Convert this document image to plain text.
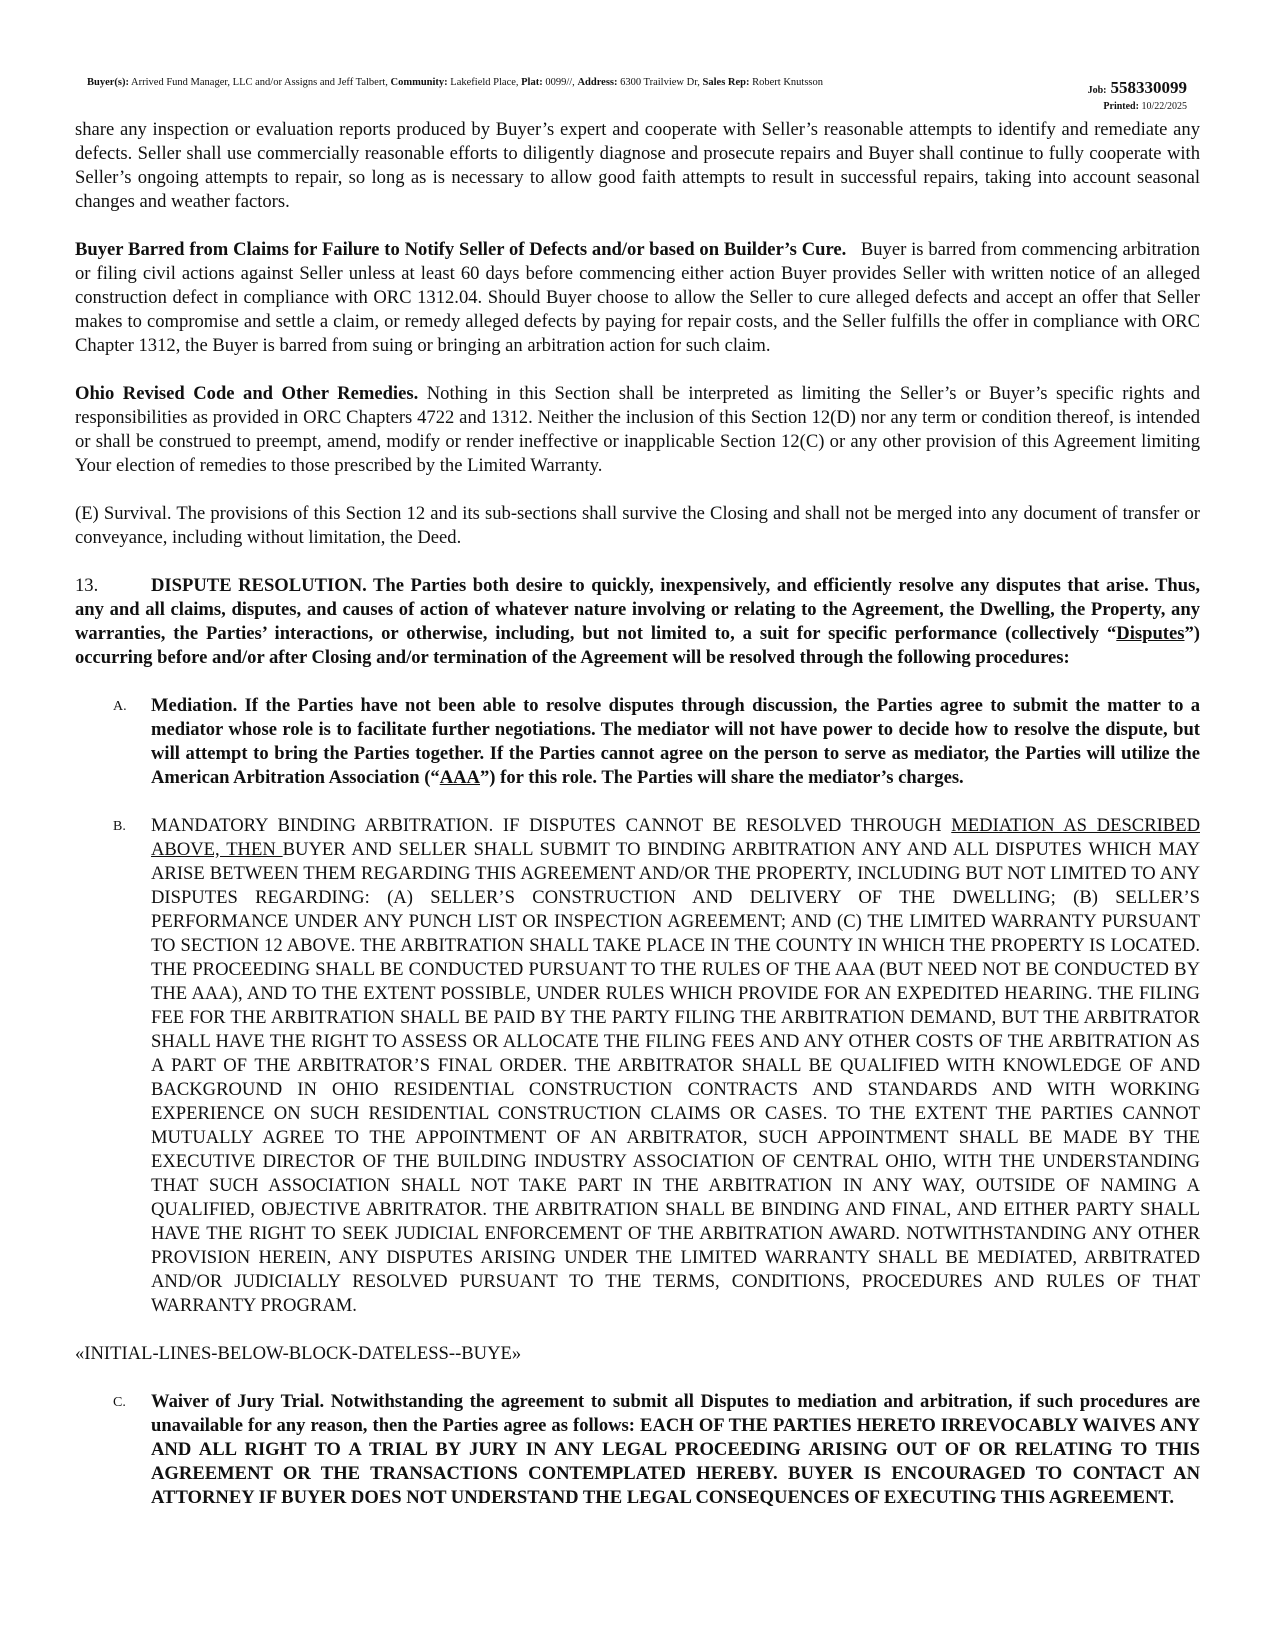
Buyer(s): Arrived Fund Manager, LLC and/or Assigns and Jeff Talbert, Community: Lakefield Place, Plat: 0099//, Address: 6300 Trailview Dr, Sales Rep: Robert Knutsson
Job: 558330099
Printed: 10/22/2025

share any inspection or evaluation reports produced by Buyer’s expert and cooperate with Seller’s reasonable attempts to identify and remediate any defects. Seller shall use commercially reasonable efforts to diligently diagnose and prosecute repairs and Buyer shall continue to fully cooperate with Seller’s ongoing attempts to repair, so long as is necessary to allow good faith attempts to result in successful repairs, taking into account seasonal changes and weather factors.

Buyer Barred from Claims for Failure to Notify Seller of Defects and/or based on Builder’s Cure. Buyer is barred from commencing arbitration or filing civil actions against Seller unless at least 60 days before commencing either action Buyer provides Seller with written notice of an alleged construction defect in compliance with ORC 1312.04. Should Buyer choose to allow the Seller to cure alleged defects and accept an offer that Seller makes to compromise and settle a claim, or remedy alleged defects by paying for repair costs, and the Seller fulfills the offer in compliance with ORC Chapter 1312, the Buyer is barred from suing or bringing an arbitration action for such claim.

Ohio Revised Code and Other Remedies. Nothing in this Section shall be interpreted as limiting the Seller’s or Buyer’s specific rights and responsibilities as provided in ORC Chapters 4722 and 1312. Neither the inclusion of this Section 12(D) nor any term or condition thereof, is intended or shall be construed to preempt, amend, modify or render ineffective or inapplicable Section 12(C) or any other provision of this Agreement limiting Your election of remedies to those prescribed by the Limited Warranty.

(E) Survival. The provisions of this Section 12 and its sub-sections shall survive the Closing and shall not be merged into any document of transfer or conveyance, including without limitation, the Deed.

13.	DISPUTE RESOLUTION. The Parties both desire to quickly, inexpensively, and efficiently resolve any disputes that arise. Thus, any and all claims, disputes, and causes of action of whatever nature involving or relating to the Agreement, the Dwelling, the Property, any warranties, the Parties’ interactions, or otherwise, including, but not limited to, a suit for specific performance (collectively “Disputes”) occurring before and/or after Closing and/or termination of the Agreement will be resolved through the following procedures:

A. Mediation. If the Parties have not been able to resolve disputes through discussion, the Parties agree to submit the matter to a mediator whose role is to facilitate further negotiations. The mediator will not have power to decide how to resolve the dispute, but will attempt to bring the Parties together. If the Parties cannot agree on the person to serve as mediator, the Parties will utilize the American Arbitration Association (“AAA”) for this role. The Parties will share the mediator’s charges.
B. MANDATORY BINDING ARBITRATION. IF DISPUTES CANNOT BE RESOLVED THROUGH MEDIATION AS DESCRIBED ABOVE, THEN BUYER AND SELLER SHALL SUBMIT TO BINDING ARBITRATION ANY AND ALL DISPUTES WHICH MAY ARISE BETWEEN THEM REGARDING THIS AGREEMENT AND/OR THE PROPERTY, INCLUDING BUT NOT LIMITED TO ANY DISPUTES REGARDING: (A) SELLER’S CONSTRUCTION AND DELIVERY OF THE DWELLING; (B) SELLER’S PERFORMANCE UNDER ANY PUNCH LIST OR INSPECTION AGREEMENT; AND (C) THE LIMITED WARRANTY PURSUANT TO SECTION 12 ABOVE. THE ARBITRATION SHALL TAKE PLACE IN THE COUNTY IN WHICH THE PROPERTY IS LOCATED. THE PROCEEDING SHALL BE CONDUCTED PURSUANT TO THE RULES OF THE AAA (BUT NEED NOT BE CONDUCTED BY THE AAA), AND TO THE EXTENT POSSIBLE, UNDER RULES WHICH PROVIDE FOR AN EXPEDITED HEARING. THE FILING FEE FOR THE ARBITRATION SHALL BE PAID BY THE PARTY FILING THE ARBITRATION DEMAND, BUT THE ARBITRATOR SHALL HAVE THE RIGHT TO ASSESS OR ALLOCATE THE FILING FEES AND ANY OTHER COSTS OF THE ARBITRATION AS A PART OF THE ARBITRATOR’S FINAL ORDER. THE ARBITRATOR SHALL BE QUALIFIED WITH KNOWLEDGE OF AND BACKGROUND IN OHIO RESIDENTIAL CONSTRUCTION CONTRACTS AND STANDARDS AND WITH WORKING EXPERIENCE ON SUCH RESIDENTIAL CONSTRUCTION CLAIMS OR CASES. TO THE EXTENT THE PARTIES CANNOT MUTUALLY AGREE TO THE APPOINTMENT OF AN ARBITRATOR, SUCH APPOINTMENT SHALL BE MADE BY THE EXECUTIVE DIRECTOR OF THE BUILDING INDUSTRY ASSOCIATION OF CENTRAL OHIO, WITH THE UNDERSTANDING THAT SUCH ASSOCIATION SHALL NOT TAKE PART IN THE ARBITRATION IN ANY WAY, OUTSIDE OF NAMING A QUALIFIED, OBJECTIVE ABRITRATOR. THE ARBITRATION SHALL BE BINDING AND FINAL, AND EITHER PARTY SHALL HAVE THE RIGHT TO SEEK JUDICIAL ENFORCEMENT OF THE ARBITRATION AWARD. NOTWITHSTANDING ANY OTHER PROVISION HEREIN, ANY DISPUTES ARISING UNDER THE LIMITED WARRANTY SHALL BE MEDIATED, ARBITRATED AND/OR JUDICIALLY RESOLVED PURSUANT TO THE TERMS, CONDITIONS, PROCEDURES AND RULES OF THAT WARRANTY PROGRAM.

«INITIAL-LINES-BELOW-BLOCK-DATELESS--BUYE»

C. Waiver of Jury Trial. Notwithstanding the agreement to submit all Disputes to mediation and arbitration, if such procedures are unavailable for any reason, then the Parties agree as follows: EACH OF THE PARTIES HERETO IRREVOCABLY WAIVES ANY AND ALL RIGHT TO A TRIAL BY JURY IN ANY LEGAL PROCEEDING ARISING OUT OF OR RELATING TO THIS AGREEMENT OR THE TRANSACTIONS CONTEMPLATED HEREBY. BUYER IS ENCOURAGED TO CONTACT AN ATTORNEY IF BUYER DOES NOT UNDERSTAND THE LEGAL CONSEQUENCES OF EXECUTING THIS AGREEMENT.
